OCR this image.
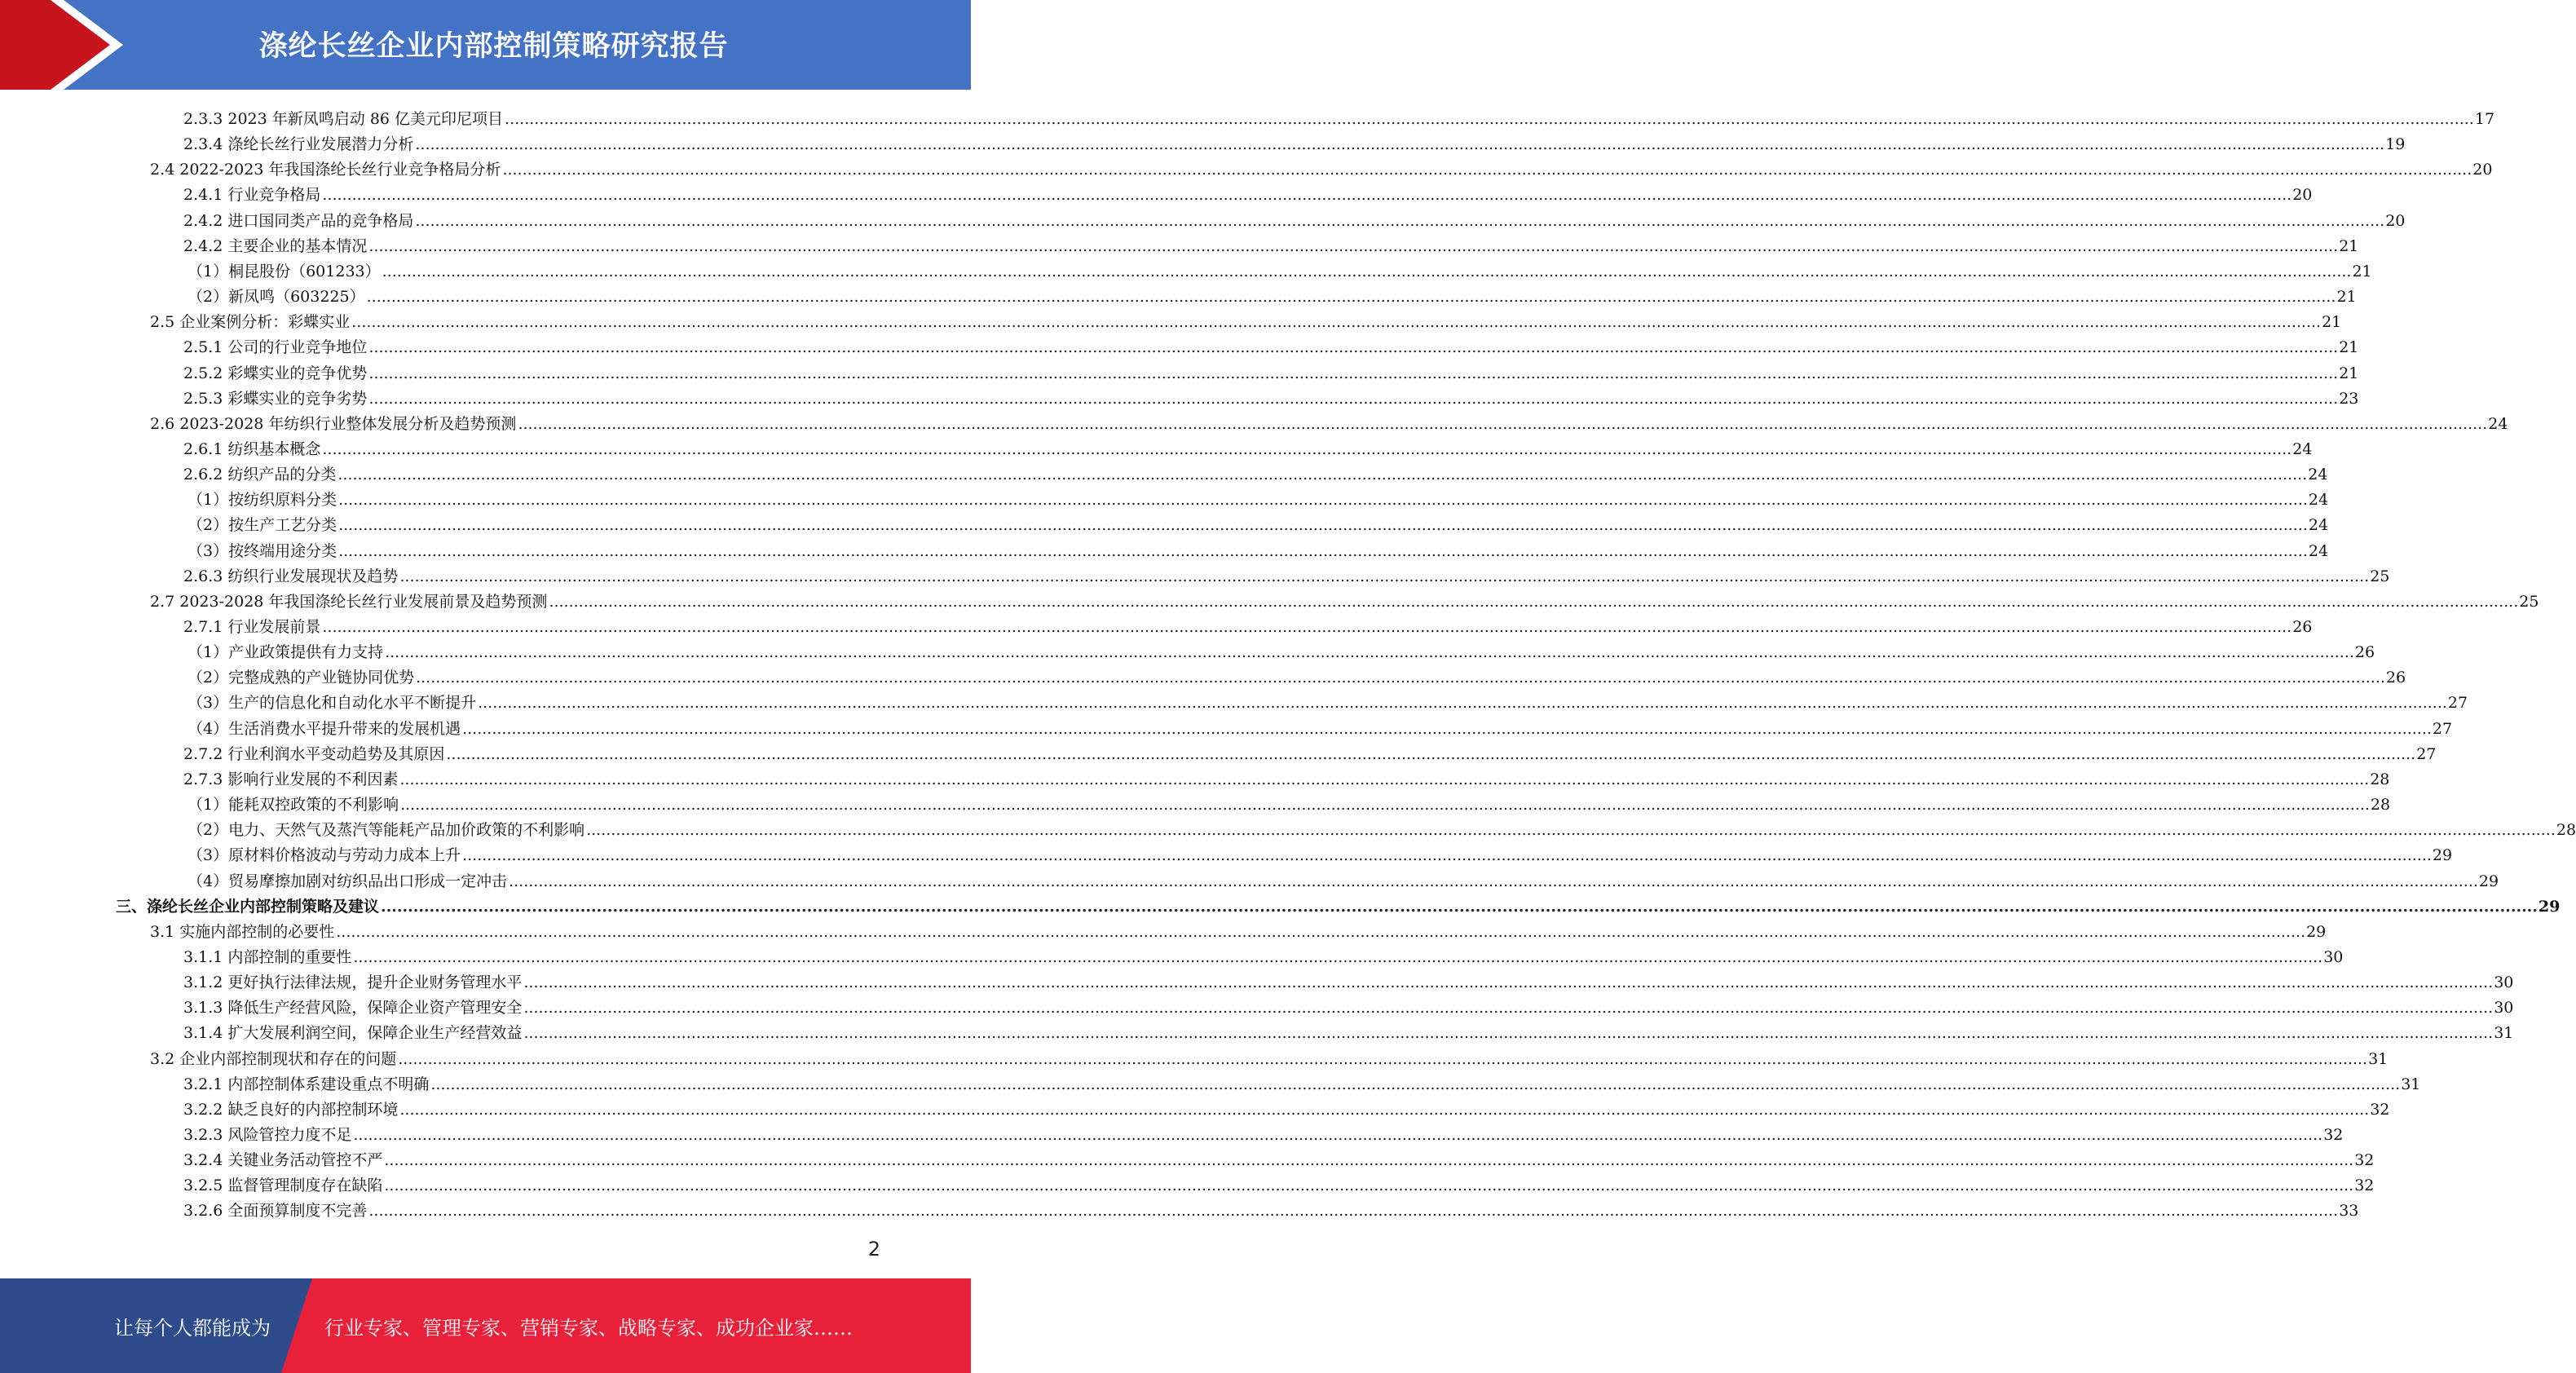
涤纶长丝企业内部控制策略研究报告
2.3.3 2023 年新凤鸣启动 86 亿美元印尼项目 ................................................................................................................................................................................................................................................................................................................................................................................................................ 17
2.3.4 涤纶长丝行业发展潜力分析 ................................................................................................................................................................................................................................................................................................................................................................................................................ 19
2.4 2022-2023 年我国涤纶长丝行业竞争格局分析 ................................................................................................................................................................................................................................................................................................................................................................................................................ 20
2.4.1 行业竞争格局 ................................................................................................................................................................................................................................................................................................................................................................................................................ 20
2.4.2 进口国同类产品的竞争格局 ................................................................................................................................................................................................................................................................................................................................................................................................................ 20
2.4.2 主要企业的基本情况 ................................................................................................................................................................................................................................................................................................................................................................................................................ 21
（1）桐昆股份（601233） ................................................................................................................................................................................................................................................................................................................................................................................................................ 21
（2）新凤鸣（603225） ................................................................................................................................................................................................................................................................................................................................................................................................................ 21
2.5 企业案例分析：彩蝶实业 ................................................................................................................................................................................................................................................................................................................................................................................................................ 21
2.5.1 公司的行业竞争地位 ................................................................................................................................................................................................................................................................................................................................................................................................................ 21
2.5.2 彩蝶实业的竞争优势 ................................................................................................................................................................................................................................................................................................................................................................................................................ 21
2.5.3 彩蝶实业的竞争劣势 ................................................................................................................................................................................................................................................................................................................................................................................................................ 23
2.6 2023-2028 年纺织行业整体发展分析及趋势预测 ................................................................................................................................................................................................................................................................................................................................................................................................................ 24
2.6.1 纺织基本概念 ................................................................................................................................................................................................................................................................................................................................................................................................................ 24
2.6.2 纺织产品的分类 ................................................................................................................................................................................................................................................................................................................................................................................................................ 24
（1）按纺织原料分类 ................................................................................................................................................................................................................................................................................................................................................................................................................ 24
（2）按生产工艺分类 ................................................................................................................................................................................................................................................................................................................................................................................................................ 24
（3）按终端用途分类 ................................................................................................................................................................................................................................................................................................................................................................................................................ 24
2.6.3 纺织行业发展现状及趋势 ................................................................................................................................................................................................................................................................................................................................................................................................................ 25
2.7 2023-2028 年我国涤纶长丝行业发展前景及趋势预测 ................................................................................................................................................................................................................................................................................................................................................................................................................ 25
2.7.1 行业发展前景 ................................................................................................................................................................................................................................................................................................................................................................................................................ 26
（1）产业政策提供有力支持 ................................................................................................................................................................................................................................................................................................................................................................................................................ 26
（2）完整成熟的产业链协同优势 ................................................................................................................................................................................................................................................................................................................................................................................................................ 26
（3）生产的信息化和自动化水平不断提升 ................................................................................................................................................................................................................................................................................................................................................................................................................ 27
（4）生活消费水平提升带来的发展机遇 ................................................................................................................................................................................................................................................................................................................................................................................................................ 27
2.7.2 行业利润水平变动趋势及其原因 ................................................................................................................................................................................................................................................................................................................................................................................................................ 27
2.7.3 影响行业发展的不利因素 ................................................................................................................................................................................................................................................................................................................................................................................................................ 28
（1）能耗双控政策的不利影响 ................................................................................................................................................................................................................................................................................................................................................................................................................ 28
（2）电力、天然气及蒸汽等能耗产品加价政策的不利影响 ................................................................................................................................................................................................................................................................................................................................................................................................................ 28
（3）原材料价格波动与劳动力成本上升 ................................................................................................................................................................................................................................................................................................................................................................................................................ 29
（4）贸易摩擦加剧对纺织品出口形成一定冲击 ................................................................................................................................................................................................................................................................................................................................................................................................................ 29
三、涤纶长丝企业内部控制策略及建议 ................................................................................................................................................................................................................................................................................................................................................................................................................ 29
3.1 实施内部控制的必要性 ................................................................................................................................................................................................................................................................................................................................................................................................................ 29
3.1.1 内部控制的重要性 ................................................................................................................................................................................................................................................................................................................................................................................................................ 30
3.1.2 更好执行法律法规，提升企业财务管理水平 ................................................................................................................................................................................................................................................................................................................................................................................................................ 30
3.1.3 降低生产经营风险，保障企业资产管理安全 ................................................................................................................................................................................................................................................................................................................................................................................................................ 30
3.1.4 扩大发展利润空间，保障企业生产经营效益 ................................................................................................................................................................................................................................................................................................................................................................................................................ 31
3.2 企业内部控制现状和存在的问题 ................................................................................................................................................................................................................................................................................................................................................................................................................ 31
3.2.1 内部控制体系建设重点不明确 ................................................................................................................................................................................................................................................................................................................................................................................................................ 31
3.2.2 缺乏良好的内部控制环境 ................................................................................................................................................................................................................................................................................................................................................................................................................ 32
3.2.3 风险管控力度不足 ................................................................................................................................................................................................................................................................................................................................................................................................................ 32
3.2.4 关键业务活动管控不严 ................................................................................................................................................................................................................................................................................................................................................................................................................ 32
3.2.5 监督管理制度存在缺陷 ................................................................................................................................................................................................................................................................................................................................................................................................................ 32
3.2.6 全面预算制度不完善 ................................................................................................................................................................................................................................................................................................................................................................................................................ 33
2
让每个人都能成为	行业专家、管理专家、营销专家、战略专家、成功企业家……
